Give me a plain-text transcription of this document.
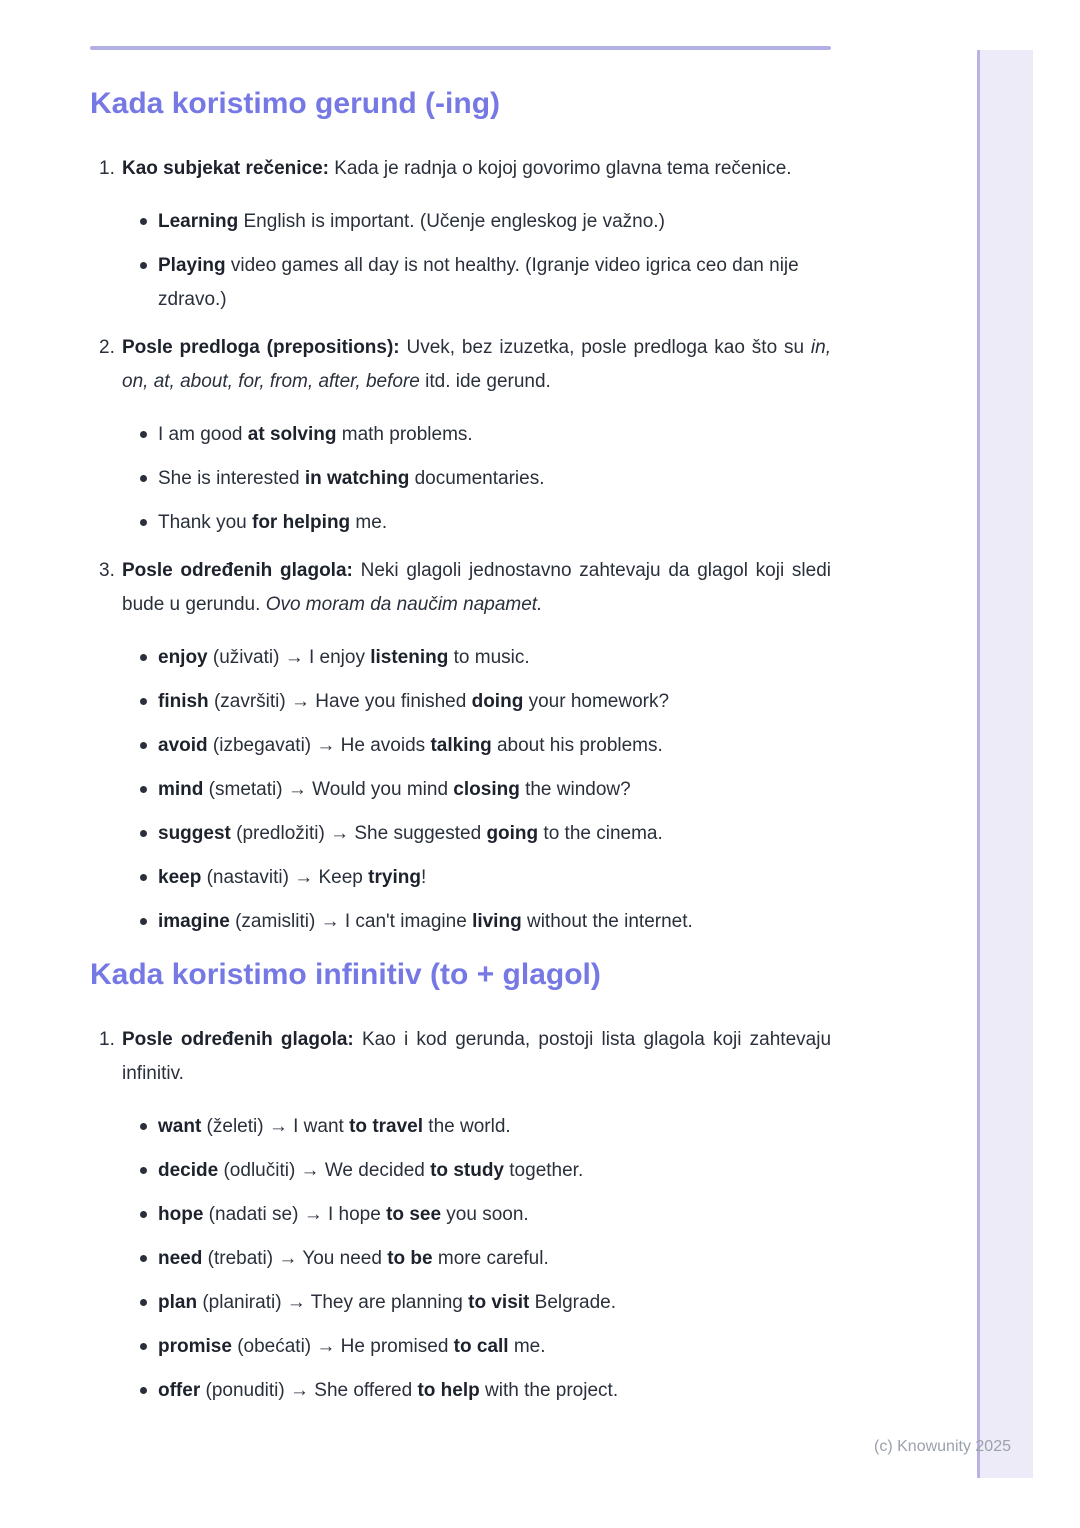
Kada koristimo gerund (-ing)
1. Kao subjekat rečenice: Kada je radnja o kojoj govorimo glavna tema rečenice.
Learning English is important. (Učenje engleskog je važno.)
Playing video games all day is not healthy. (Igranje video igrica ceo dan nije zdravo.)
2. Posle predloga (prepositions): Uvek, bez izuzetka, posle predloga kao što su in, on, at, about, for, from, after, before itd. ide gerund.
I am good at solving math problems.
She is interested in watching documentaries.
Thank you for helping me.
3. Posle određenih glagola: Neki glagoli jednostavno zahtevaju da glagol koji sledi bude u gerundu. Ovo moram da naučim napamet.
enjoy (uživati) → I enjoy listening to music.
finish (završiti) → Have you finished doing your homework?
avoid (izbegavati) → He avoids talking about his problems.
mind (smetati) → Would you mind closing the window?
suggest (predložiti) → She suggested going to the cinema.
keep (nastaviti) → Keep trying!
imagine (zamisliti) → I can't imagine living without the internet.
Kada koristimo infinitiv (to + glagol)
1. Posle određenih glagola: Kao i kod gerunda, postoji lista glagola koji zahtevaju infinitiv.
want (želeti) → I want to travel the world.
decide (odlučiti) → We decided to study together.
hope (nadati se) → I hope to see you soon.
need (trebati) → You need to be more careful.
plan (planirati) → They are planning to visit Belgrade.
promise (obećati) → He promised to call me.
offer (ponuditi) → She offered to help with the project.
(c) Knowunity 2025
